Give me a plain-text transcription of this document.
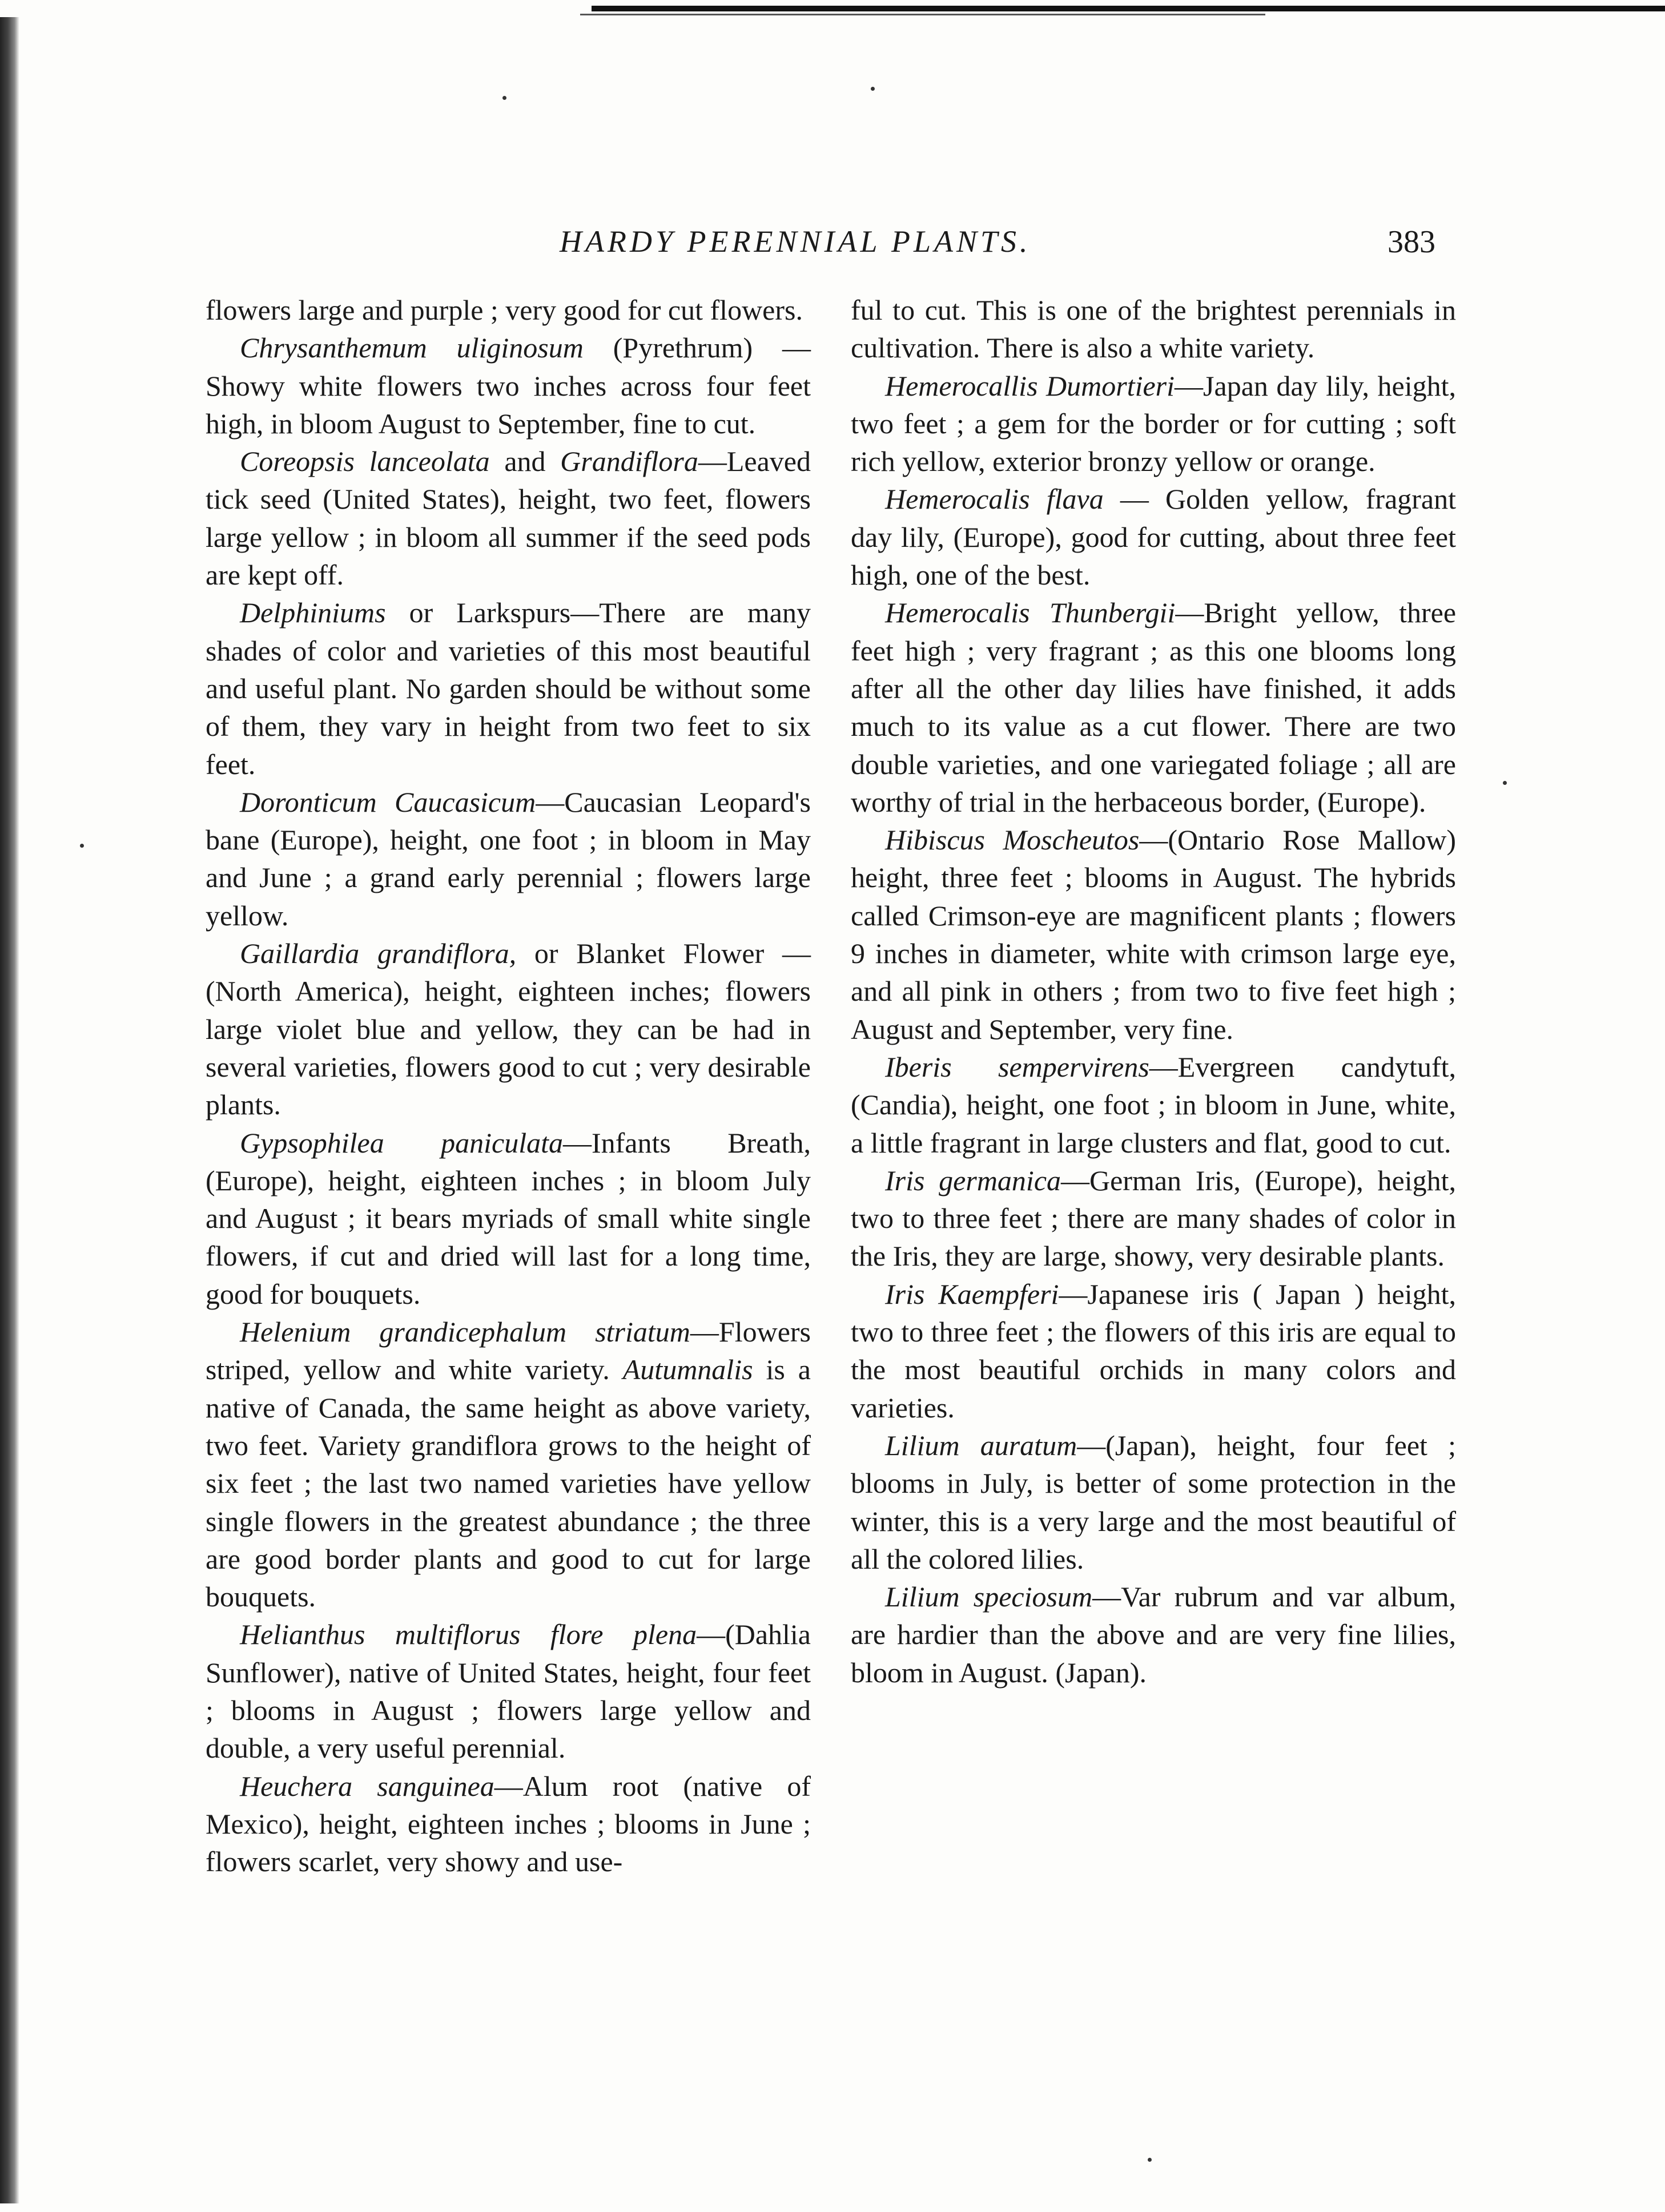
HARDY PERENNIAL PLANTS.	383

flowers large and purple ; very good for cut flowers.

Chrysanthemum uliginosum (Pyrethrum) —Showy white flowers two inches across four feet high, in bloom August to September, fine to cut.

Coreopsis lanceolata and Grandiflora—Leaved tick seed (United States), height, two feet, flowers large yellow ; in bloom all summer if the seed pods are kept off.

Delphiniums or Larkspurs—There are many shades of color and varieties of this most beautiful and useful plant. No garden should be without some of them, they vary in height from two feet to six feet.

Doronticum Caucasicum—Caucasian Leopard's bane (Europe), height, one foot ; in bloom in May and June ; a grand early perennial ; flowers large yellow.

Gaillardia grandiflora, or Blanket Flower —(North America), height, eighteen inches; flowers large violet blue and yellow, they can be had in several varieties, flowers good to cut ; very desirable plants.

Gypsophilea paniculata—Infants Breath, (Europe), height, eighteen inches ; in bloom July and August ; it bears myriads of small white single flowers, if cut and dried will last for a long time, good for bouquets.

Helenium grandicephalum striatum—Flowers striped, yellow and white variety. Autumnalis is a native of Canada, the same height as above variety, two feet. Variety grandiflora grows to the height of six feet ; the last two named varieties have yellow single flowers in the greatest abundance ; the three are good border plants and good to cut for large bouquets.

Helianthus multiflorus flore plena—(Dahlia Sunflower), native of United States, height, four feet ; blooms in August ; flowers large yellow and double, a very useful perennial.

Heuchera sanguinea—Alum root (native of Mexico), height, eighteen inches ; blooms in June ; flowers scarlet, very showy and use-

ful to cut. This is one of the brightest perennials in cultivation. There is also a white variety.

Hemerocallis Dumortieri—Japan day lily, height, two feet ; a gem for the border or for cutting ; soft rich yellow, exterior bronzy yellow or orange.

Hemerocalis flava — Golden yellow, fragrant day lily, (Europe), good for cutting, about three feet high, one of the best.

Hemerocalis Thunbergii—Bright yellow, three feet high ; very fragrant ; as this one blooms long after all the other day lilies have finished, it adds much to its value as a cut flower. There are two double varieties, and one variegated foliage ; all are worthy of trial in the herbaceous border, (Europe).

Hibiscus Moscheutos—(Ontario Rose Mallow) height, three feet ; blooms in August. The hybrids called Crimson-eye are magnificent plants ; flowers 9 inches in diameter, white with crimson large eye, and all pink in others ; from two to five feet high ; August and September, very fine.

Iberis sempervirens—Evergreen candytuft, (Candia), height, one foot ; in bloom in June, white, a little fragrant in large clusters and flat, good to cut.

Iris germanica—German Iris, (Europe), height, two to three feet ; there are many shades of color in the Iris, they are large, showy, very desirable plants.

Iris Kaempferi—Japanese iris ( Japan ) height, two to three feet ; the flowers of this iris are equal to the most beautiful orchids in many colors and varieties.

Lilium auratum—(Japan), height, four feet ; blooms in July, is better of some protection in the winter, this is a very large and the most beautiful of all the colored lilies.

Lilium speciosum—Var rubrum and var album, are hardier than the above and are very fine lilies, bloom in August. (Japan).
